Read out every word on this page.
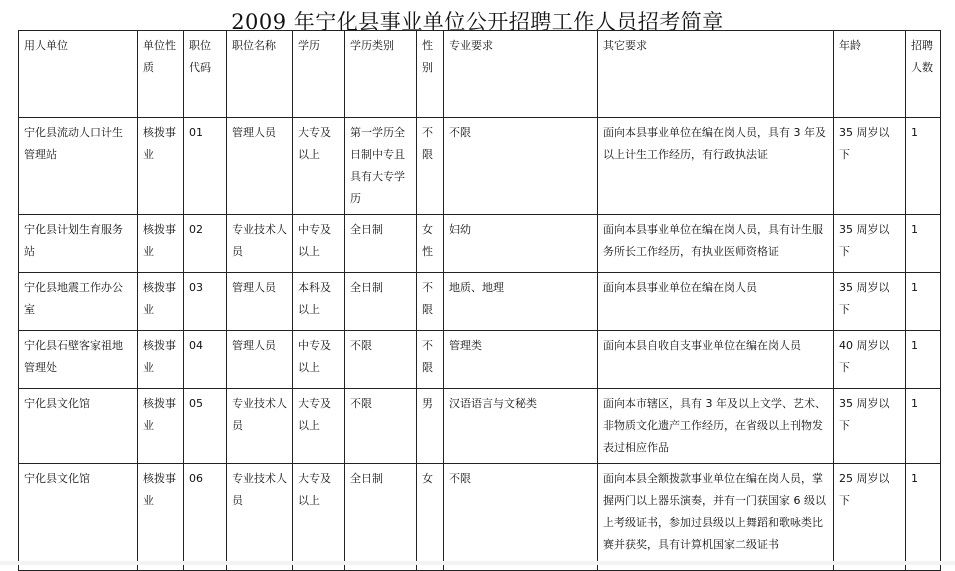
2009 年宁化县事业单位公开招聘工作人员招考简章
用人单位	单位性质	职位代码	职位名称	学历	学历类别	性别	专业要求	其它要求	年龄	招聘人数
宁化县流动人口计生管理站	核拨事业	01	管理人员	大专及以上	第一学历全日制中专且具有大专学历	不限	不限	面向本县事业单位在编在岗人员，具有 3 年及以上计生工作经历，有行政执法证	35 周岁以下	1
宁化县计划生育服务站	核拨事业	02	专业技术人员	中专及以上	全日制	女性	妇幼	面向本县事业单位在编在岗人员，具有计生服务所长工作经历，有执业医师资格证	35 周岁以下	1
宁化县地震工作办公室	核拨事业	03	管理人员	本科及以上	全日制	不限	地质、地理	面向本县事业单位在编在岗人员	35 周岁以下	1
宁化县石壁客家祖地管理处	核拨事业	04	管理人员	中专及以上	不限	不限	管理类	面向本县自收自支事业单位在编在岗人员	40 周岁以下	1
宁化县文化馆	核拨事业	05	专业技术人员	大专及以上	不限	男	汉语语言与文秘类	面向本市辖区，具有 3 年及以上文学、艺术、非物质文化遗产工作经历，在省级以上刊物发表过相应作品	35 周岁以下	1
宁化县文化馆	核拨事业	06	专业技术人员	大专及以上	全日制	女	不限	面向本县全额拨款事业单位在编在岗人员，掌握两门以上器乐演奏，并有一门获国家 6 级以上考级证书，参加过县级以上舞蹈和歌咏类比赛并获奖，具有计算机国家二级证书	25 周岁以下	1
